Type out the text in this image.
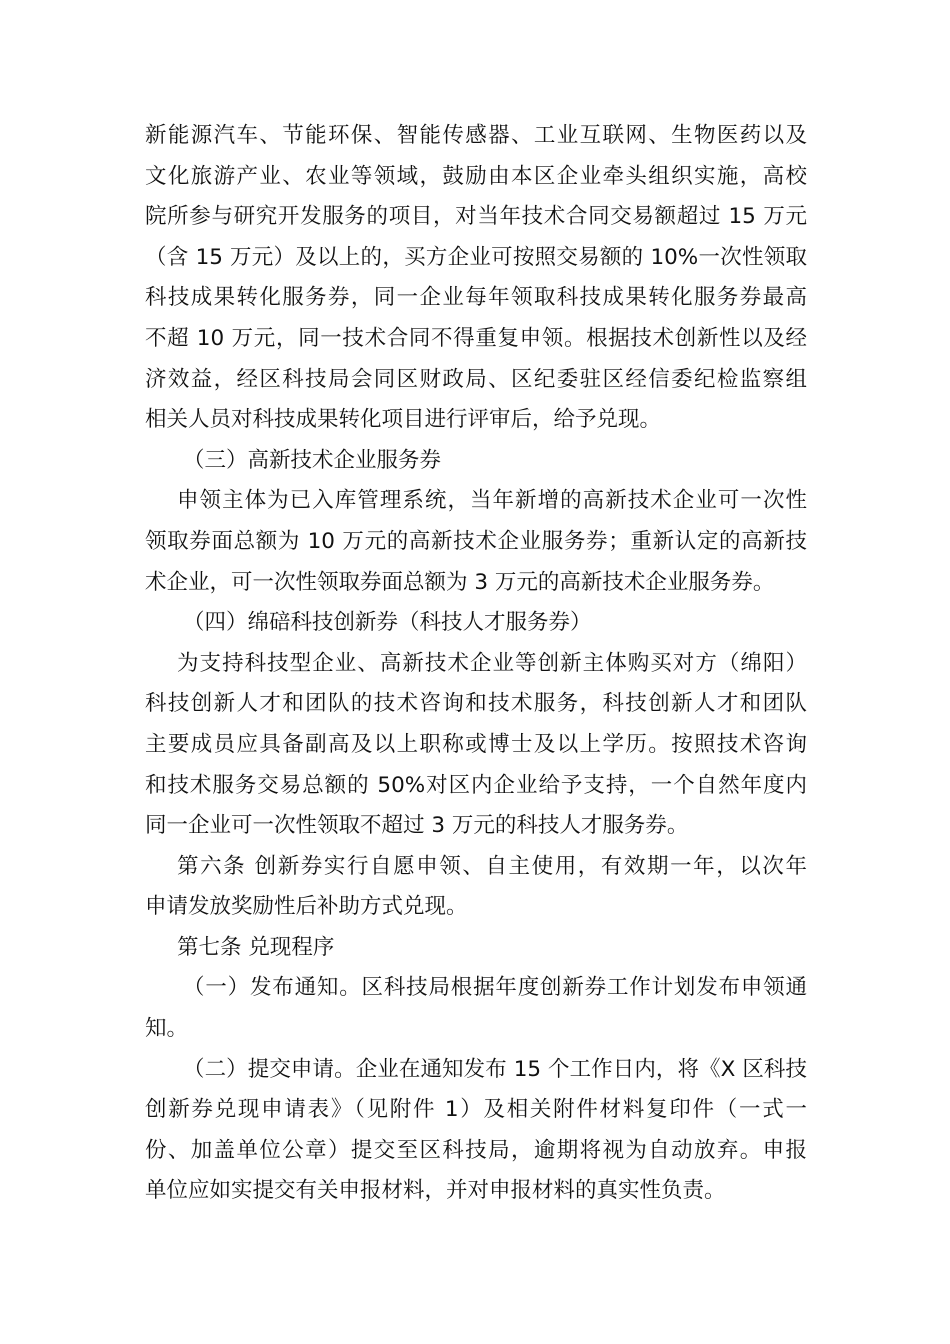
新能源汽车、节能环保、智能传感器、工业互联网、生物医药以及
文化旅游产业、农业等领域，鼓励由本区企业牵头组织实施，高校
院所参与研究开发服务的项目，对当年技术合同交易额超过 15 万元
（含 15 万元）及以上的，买方企业可按照交易额的 10%一次性领取
科技成果转化服务券，同一企业每年领取科技成果转化服务券最高
不超 10 万元，同一技术合同不得重复申领。根据技术创新性以及经
济效益，经区科技局会同区财政局、区纪委驻区经信委纪检监察组
相关人员对科技成果转化项目进行评审后，给予兑现。
（三）高新技术企业服务券
申领主体为已入库管理系统，当年新增的高新技术企业可一次性
领取券面总额为 10 万元的高新技术企业服务券；重新认定的高新技
术企业，可一次性领取券面总额为 3 万元的高新技术企业服务券。
（四）绵碚科技创新券（科技人才服务券）
为支持科技型企业、高新技术企业等创新主体购买对方（绵阳）
科技创新人才和团队的技术咨询和技术服务，科技创新人才和团队
主要成员应具备副高及以上职称或博士及以上学历。按照技术咨询
和技术服务交易总额的 50%对区内企业给予支持，一个自然年度内
同一企业可一次性领取不超过 3 万元的科技人才服务券。
第六条 创新券实行自愿申领、自主使用，有效期一年，以次年
申请发放奖励性后补助方式兑现。
第七条 兑现程序
（一）发布通知。区科技局根据年度创新券工作计划发布申领通
知。
（二）提交申请。企业在通知发布 15 个工作日内，将《X 区科技
创新券兑现申请表》（见附件 1）及相关附件材料复印件（一式一
份、加盖单位公章）提交至区科技局，逾期将视为自动放弃。申报
单位应如实提交有关申报材料，并对申报材料的真实性负责。
